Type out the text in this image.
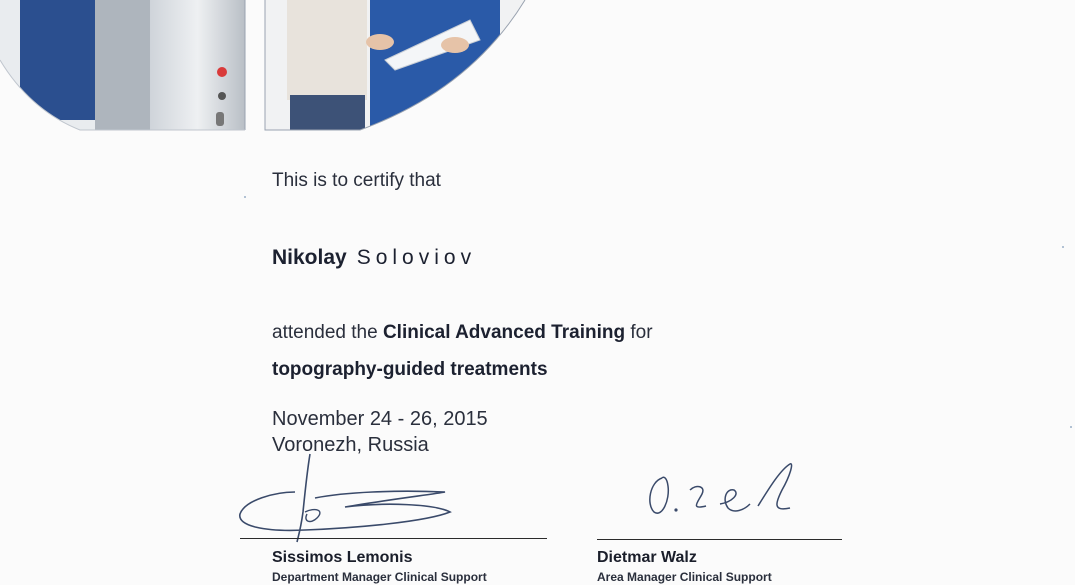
This is to certify that
Nikolay Soloviov
attended the Clinical Advanced Training for
topography-guided treatments
November 24 - 26, 2015
Voronezh, Russia
Sissimos Lemonis
Department Manager Clinical Support
Dietmar Walz
Area Manager Clinical Support
